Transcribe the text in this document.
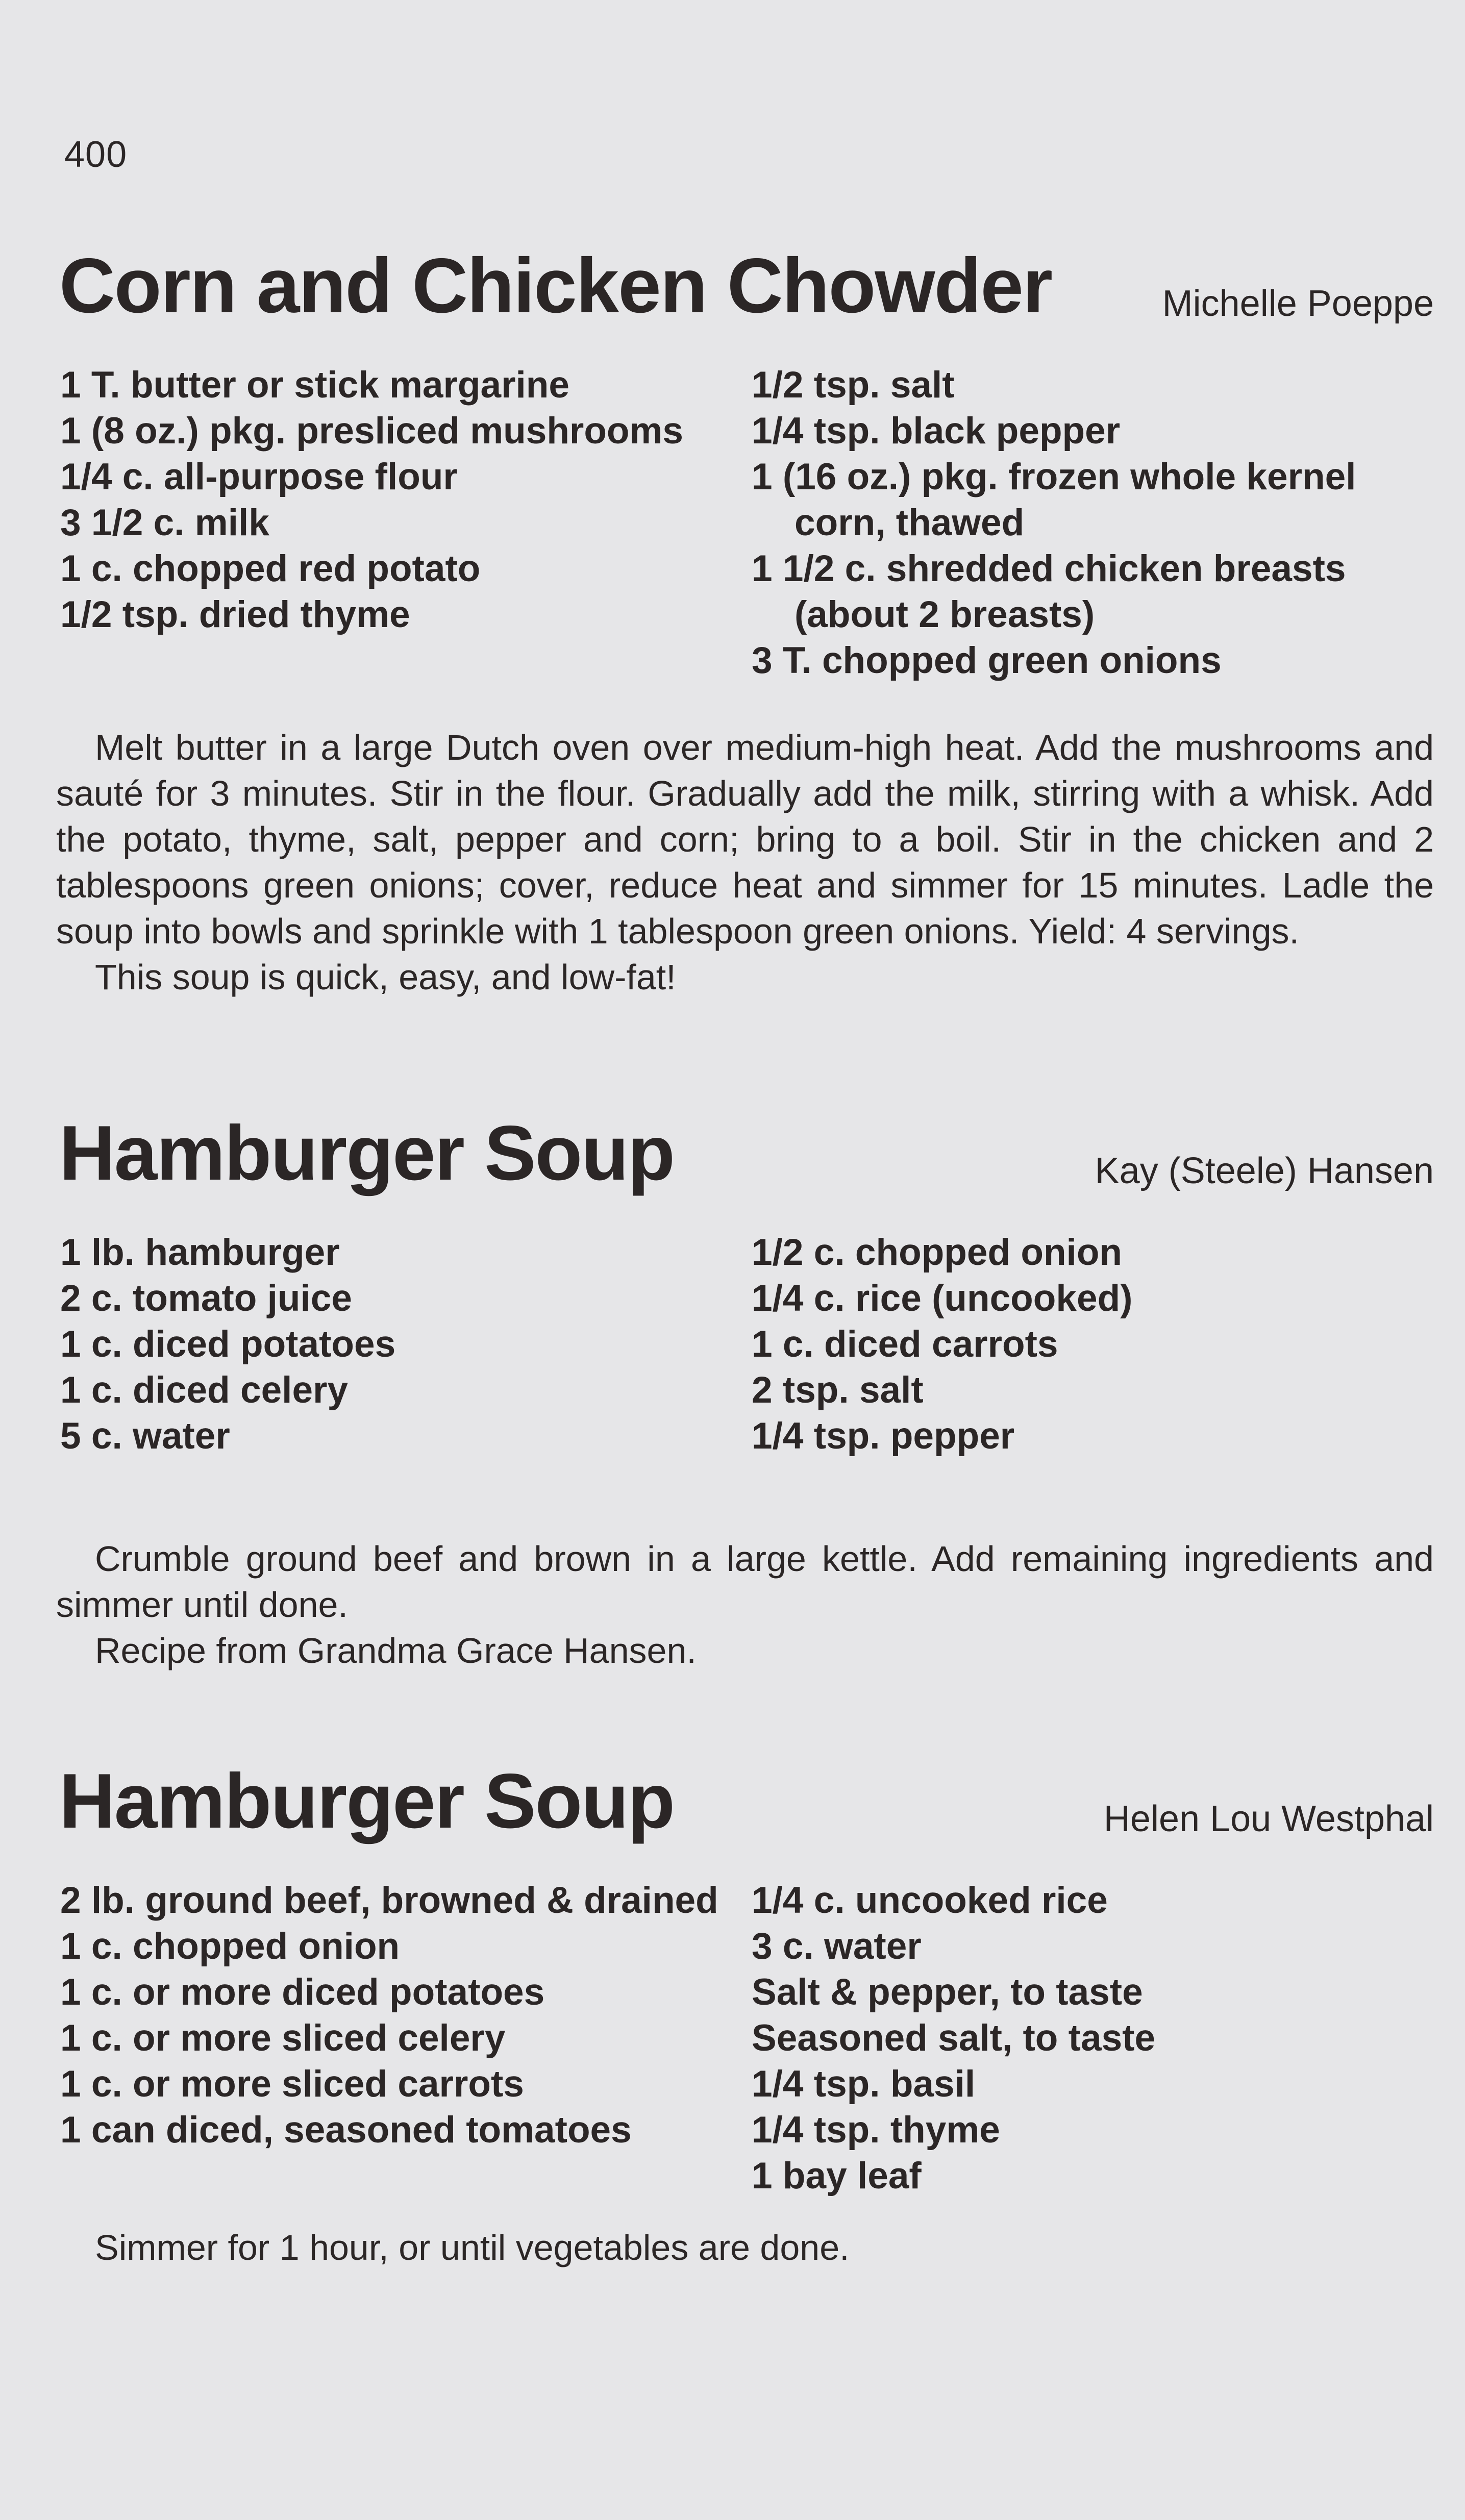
400
Corn and Chicken Chowder	Michelle Poeppe
1 T. butter or stick margarine
1 (8 oz.) pkg. presliced mushrooms
1/4 c. all-purpose flour
3 1/2 c. milk
1 c. chopped red potato
1/2 tsp. dried thyme
1/2 tsp. salt
1/4 tsp. black pepper
1 (16 oz.) pkg. frozen whole kernel corn, thawed
1 1/2 c. shredded chicken breasts (about 2 breasts)
3 T. chopped green onions

Melt butter in a large Dutch oven over medium-high heat. Add the mushrooms and sauté for 3 minutes. Stir in the flour. Gradually add the milk, stirring with a whisk. Add the potato, thyme, salt, pepper and corn; bring to a boil. Stir in the chicken and 2 tablespoons green onions; cover, reduce heat and simmer for 15 minutes. Ladle the soup into bowls and sprinkle with 1 tablespoon green onions. Yield: 4 servings.

This soup is quick, easy, and low-fat!

Hamburger Soup	Kay (Steele) Hansen
1 lb. hamburger
2 c. tomato juice
1 c. diced potatoes
1 c. diced celery
5 c. water
1/2 c. chopped onion
1/4 c. rice (uncooked)
1 c. diced carrots
2 tsp. salt
1/4 tsp. pepper

Crumble ground beef and brown in a large kettle. Add remaining ingredients and simmer until done.

Recipe from Grandma Grace Hansen.

Hamburger Soup	Helen Lou Westphal
2 lb. ground beef, browned & drained
1 c. chopped onion
1 c. or more diced potatoes
1 c. or more sliced celery
1 c. or more sliced carrots
1 can diced, seasoned tomatoes
1/4 c. uncooked rice
3 c. water
Salt & pepper, to taste
Seasoned salt, to taste
1/4 tsp. basil
1/4 tsp. thyme
1 bay leaf

Simmer for 1 hour, or until vegetables are done.
